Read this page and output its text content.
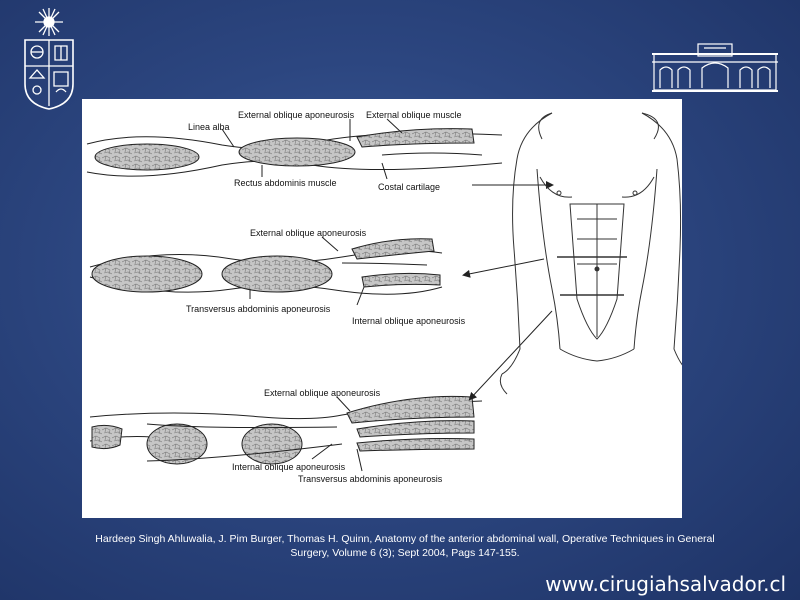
Linea alba
External oblique aponeurosis External oblique muscle
Rectus abdominis muscle	Costal cartilage
External oblique aponeurosis
Transversus abdominis aponeurosis
Internal oblique aponeurosis
External oblique aponeurosis
Internal oblique aponeurosis
Transversus abdominis aponeurosis
Hardeep Singh Ahluwalia, J. Pim Burger, Thomas H. Quinn, Anatomy of the anterior abdominal wall, Operative Techniques in General
Surgery, Volume 6 (3); Sept 2004, Pags 147-155.
www.cirugiahsalvador.cl
